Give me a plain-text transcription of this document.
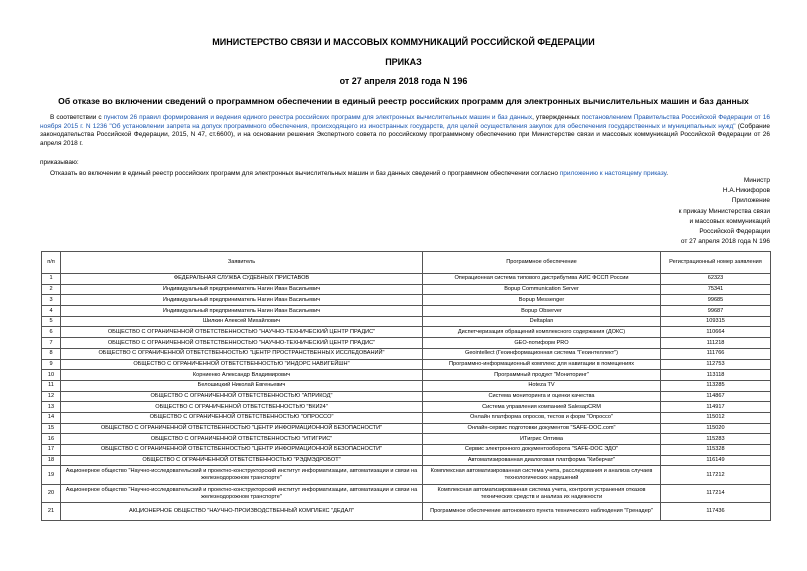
МИНИСТЕРСТВО СВЯЗИ И МАССОВЫХ КОММУНИКАЦИЙ РОССИЙСКОЙ ФЕДЕРАЦИИ
ПРИКАЗ
от 27 апреля 2018 года N 196
Об отказе во включении сведений о программном обеспечении в единый реестр российских программ для электронных вычислительных машин и баз данных
В соответствии с пунктом 26 правил формирования и ведения единого реестра российских программ для электронных вычислительных машин и баз данных, утвержденных постановлением Правительства Российской Федерации от 16 ноября 2015 г. N 1236 "Об установлении запрета на допуск программного обеспечения, происходящего из иностранных государств, для целей осуществления закупок для обеспечения государственных и муниципальных нужд" (Собрание законодательства Российской Федерации, 2015, N 47, ст.6600), и на основании решения Экспертного совета по российскому программному обеспечению при Министерстве связи и массовых коммуникаций Российской Федерации от 26 апреля 2018 г.
приказываю:
Отказать во включении в единый реестр российских программ для электронных вычислительных машин и баз данных сведений о программном обеспечении согласно приложению к настоящему приказу.
Министр
Н.А.Никифоров
Приложение
к приказу Министерства связи
и массовых коммуникаций
Российской Федерации
от 27 апреля 2018 года N 196
п/п	Заявитель	Программное обеспечение	Регистрационный номер заявления
1	ФЕДЕРАЛЬНАЯ СЛУЖБА СУДЕБНЫХ ПРИСТАВОВ	Операционная система типового дистрибутива АИС ФССП России	62323
2	Индивидуальный предприниматель Нагин Иван Васильевич	Bopup Communication Server	75341
3	Индивидуальный предприниматель Нагин Иван Васильевич	Bopup Messenger	99685
4	Индивидуальный предприниматель Нагин Иван Васильевич	Bopup Observer	99687
5	Шилкин Алексей Михайлович	Deltaplan	109315
6	ОБЩЕСТВО С ОГРАНИЧЕННОЙ ОТВЕТСТВЕННОСТЬЮ "НАУЧНО-ТЕХНИЧЕСКИЙ ЦЕНТР ПРАДИС"	Диспетчеризация обращений комплексного содержания (ДОКС)	110664
7	ОБЩЕСТВО С ОГРАНИЧЕННОЙ ОТВЕТСТВЕННОСТЬЮ "НАУЧНО-ТЕХНИЧЕСКИЙ ЦЕНТР ПРАДИС"	GEO-потиформ PRO	111218
8	ОБЩЕСТВО С ОГРАНИЧЕННОЙ ОТВЕТСТВЕННОСТЬЮ "ЦЕНТР ПРОСТРАНСТВЕННЫХ ИССЛЕДОВАНИЙ"	Geointellect (Геоинформационная система "Геоинтеллект")	111766
9	ОБЩЕСТВО С ОГРАНИЧЕННОЙ ОТВЕТСТВЕННОСТЬЮ "ИНДОРС НАВИГЕЙШН"	Программно-информационный комплекс для навигации в помещениях	112753
10	Корниенко Александр Владимирович	Программный продукт "Мониторинг"	113118
11	Белошицкий Николай Евгеньевич	Hoteza TV	113285
12	ОБЩЕСТВО С ОГРАНИЧЕННОЙ ОТВЕТСТВЕННОСТЬЮ "АПРИКОД"	Система мониторинга и оценки качества	114867
13	ОБЩЕСТВО С ОГРАНИЧЕННОЙ ОТВЕТСТВЕННОСТЬЮ "ВКИ24"	Система управления компанией SalesapCRM	114917
14	ОБЩЕСТВО С ОГРАНИЧЕННОЙ ОТВЕТСТВЕННОСТЬЮ "ОПРОССО"	Онлайн платформа опросов, тестов и форм "Опроссо"	115012
15	ОБЩЕСТВО С ОГРАНИЧЕННОЙ ОТВЕТСТВЕННОСТЬЮ "ЦЕНТР ИНФОРМАЦИОННОЙ БЕЗОПАСНОСТИ"	Онлайн-сервис подготовки документов "SAFE-DOC.com"	115020
16	ОБЩЕСТВО С ОГРАНИЧЕННОЙ ОТВЕТСТВЕННОСТЬЮ "ИТИГРИС"	ИТигрис Оптима	115283
17	ОБЩЕСТВО С ОГРАНИЧЕННОЙ ОТВЕТСТВЕННОСТЬЮ "ЦЕНТР ИНФОРМАЦИОННОЙ БЕЗОПАСНОСТИ"	Сервис электронного документооборота "SAFE-DOC ЭДО"	115328
18	ОБЩЕСТВО С ОГРАНИЧЕННОЙ ОТВЕТСТВЕННОСТЬЮ "РЭДМЭДРОБОТ"	Автоматизированная диалоговая платформа "Киберчат"	116149
19	Акционерное общество "Научно-исследовательский и проектно-конструкторский институт информатизации, автоматизации и связи на железнодорожном транспорте"	Комплексная автоматизированная система учета, расследования и анализа случаев технологических нарушений	117212
20	Акционерное общество "Научно-исследовательский и проектно-конструкторский институт информатизации, автоматизации и связи на железнодорожном транспорте"	Комплексная автоматизированная система учета, контроля устранения отказов технических средств и анализа их надежности	117214
21	АКЦИОНЕРНОЕ ОБЩЕСТВО "НАУЧНО-ПРОИЗВОДСТВЕННЫЙ КОМПЛЕКС "ДЕДАЛ"	Программное обеспечение автономного пункта технического наблюдения "Гренадер"	117436
